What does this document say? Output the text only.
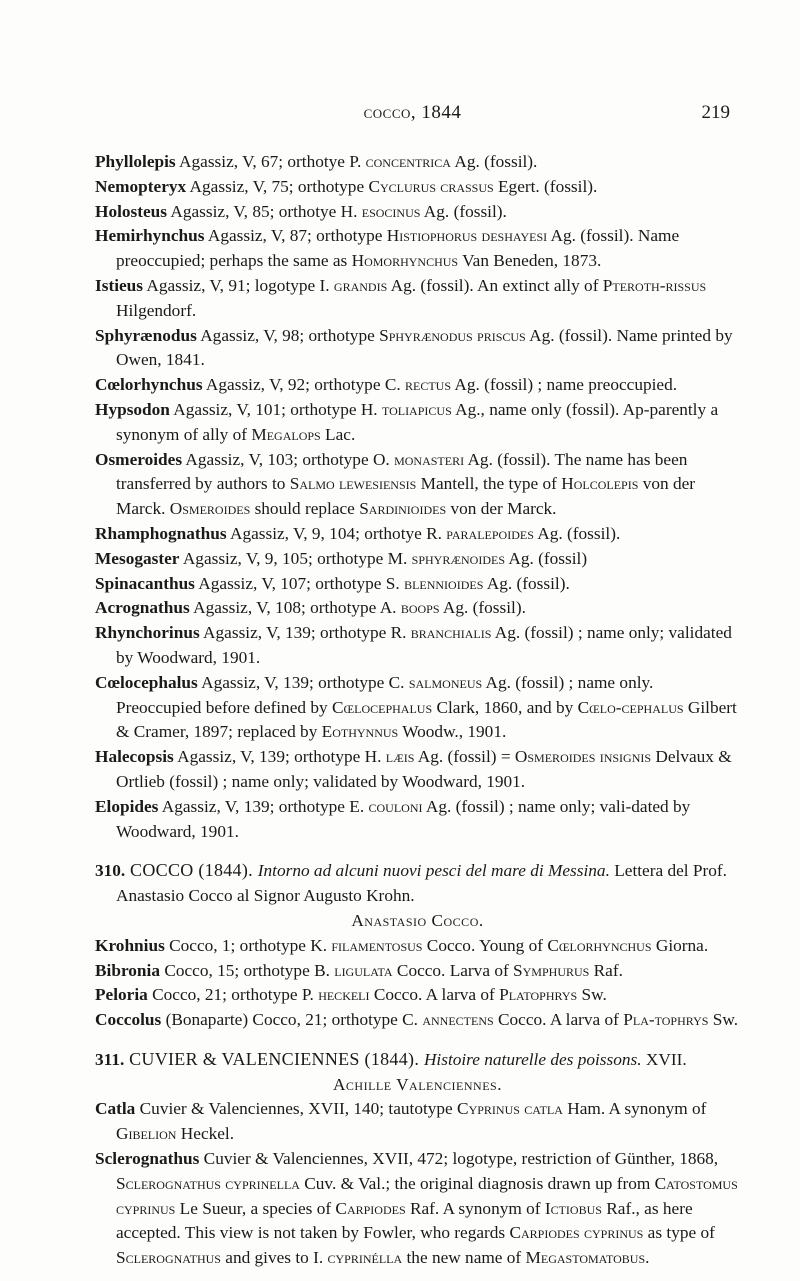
cocco, 1844	219

Phyllolepis Agassiz, V, 67; orthotye P. concentrica Ag. (fossil).

Nemopteryx Agassiz, V, 75; orthotype Cyclurus crassus Egert. (fossil).

Holosteus Agassiz, V, 85; orthotye H. esocinus Ag. (fossil).

Hemirhynchus Agassiz, V, 87; orthotype Histiophorus deshayesi Ag. (fossil). Name preoccupied; perhaps the same as Homorhynchus Van Beneden, 1873.

Istieus Agassiz, V, 91; logotype I. grandis Ag. (fossil). An extinct ally of Pteroth-rissus Hilgendorf.

Sphyrænodus Agassiz, V, 98; orthotype Sphyrænodus priscus Ag. (fossil). Name printed by Owen, 1841.

Cœlorhynchus Agassiz, V, 92; orthotype C. rectus Ag. (fossil) ; name preoccupied.

Hypsodon Agassiz, V, 101; orthotype H. toliapicus Ag., name only (fossil). Ap-parently a synonym of ally of Megalops Lac.

Osmeroides Agassiz, V, 103; orthotype O. monasteri Ag. (fossil). The name has been transferred by authors to Salmo lewesiensis Mantell, the type of Holcolepis von der Marck. Osmeroides should replace Sardinioides von der Marck.

Rhamphognathus Agassiz, V, 9, 104; orthotye R. paralepoides Ag. (fossil).

Mesogaster Agassiz, V, 9, 105; orthotype M. sphyrænoides Ag. (fossil)

Spinacanthus Agassiz, V, 107; orthotype S. blennioides Ag. (fossil).

Acrognathus Agassiz, V, 108; orthotype A. boops Ag. (fossil).

Rhynchorinus Agassiz, V, 139; orthotype R. branchialis Ag. (fossil) ; name only; validated by Woodward, 1901.

Cœlocephalus Agassiz, V, 139; orthotype C. salmoneus Ag. (fossil) ; name only. Preoccupied before defined by Cœlocephalus Clark, 1860, and by Cœlo-cephalus Gilbert & Cramer, 1897; replaced by Eothynnus Woodw., 1901.

Halecopsis Agassiz, V, 139; orthotype H. læis Ag. (fossil) = Osmeroides insignis Delvaux & Ortlieb (fossil) ; name only; validated by Woodward, 1901.

Elopides Agassiz, V, 139; orthotype E. couloni Ag. (fossil) ; name only; vali-dated by Woodward, 1901.

310. COCCO (1844). Intorno ad alcuni nuovi pesci del mare di Messina. Lettera del Prof. Anastasio Cocco al Signor Augusto Krohn.

Anastasio Cocco.

Krohnius Cocco, 1; orthotype K. filamentosus Cocco. Young of Cœlorhynchus Giorna.

Bibronia Cocco, 15; orthotype B. ligulata Cocco. Larva of Symphurus Raf.

Peloria Cocco, 21; orthotype P. heckeli Cocco. A larva of Platophrys Sw.

Coccolus (Bonaparte) Cocco, 21; orthotype C. annectens Cocco. A larva of Pla-tophrys Sw.

311. CUVIER & VALENCIENNES (1844). Histoire naturelle des poissons. XVII.

Achille Valenciennes.

Catla Cuvier & Valenciennes, XVII, 140; tautotype Cyprinus catla Ham. A synonym of Gibelion Heckel.

Sclerognathus Cuvier & Valenciennes, XVII, 472; logotype, restriction of Günther, 1868, Sclerognathus cyprinella Cuv. & Val.; the original diagnosis drawn up from Catostomus cyprinus Le Sueur, a species of Carpiodes Raf. A synonym of Ictiobus Raf., as here accepted. This view is not taken by Fowler, who regards Carpiodes cyprinus as type of Sclerognathus and gives to I. cyprinélla the new name of Megastomatobus.
